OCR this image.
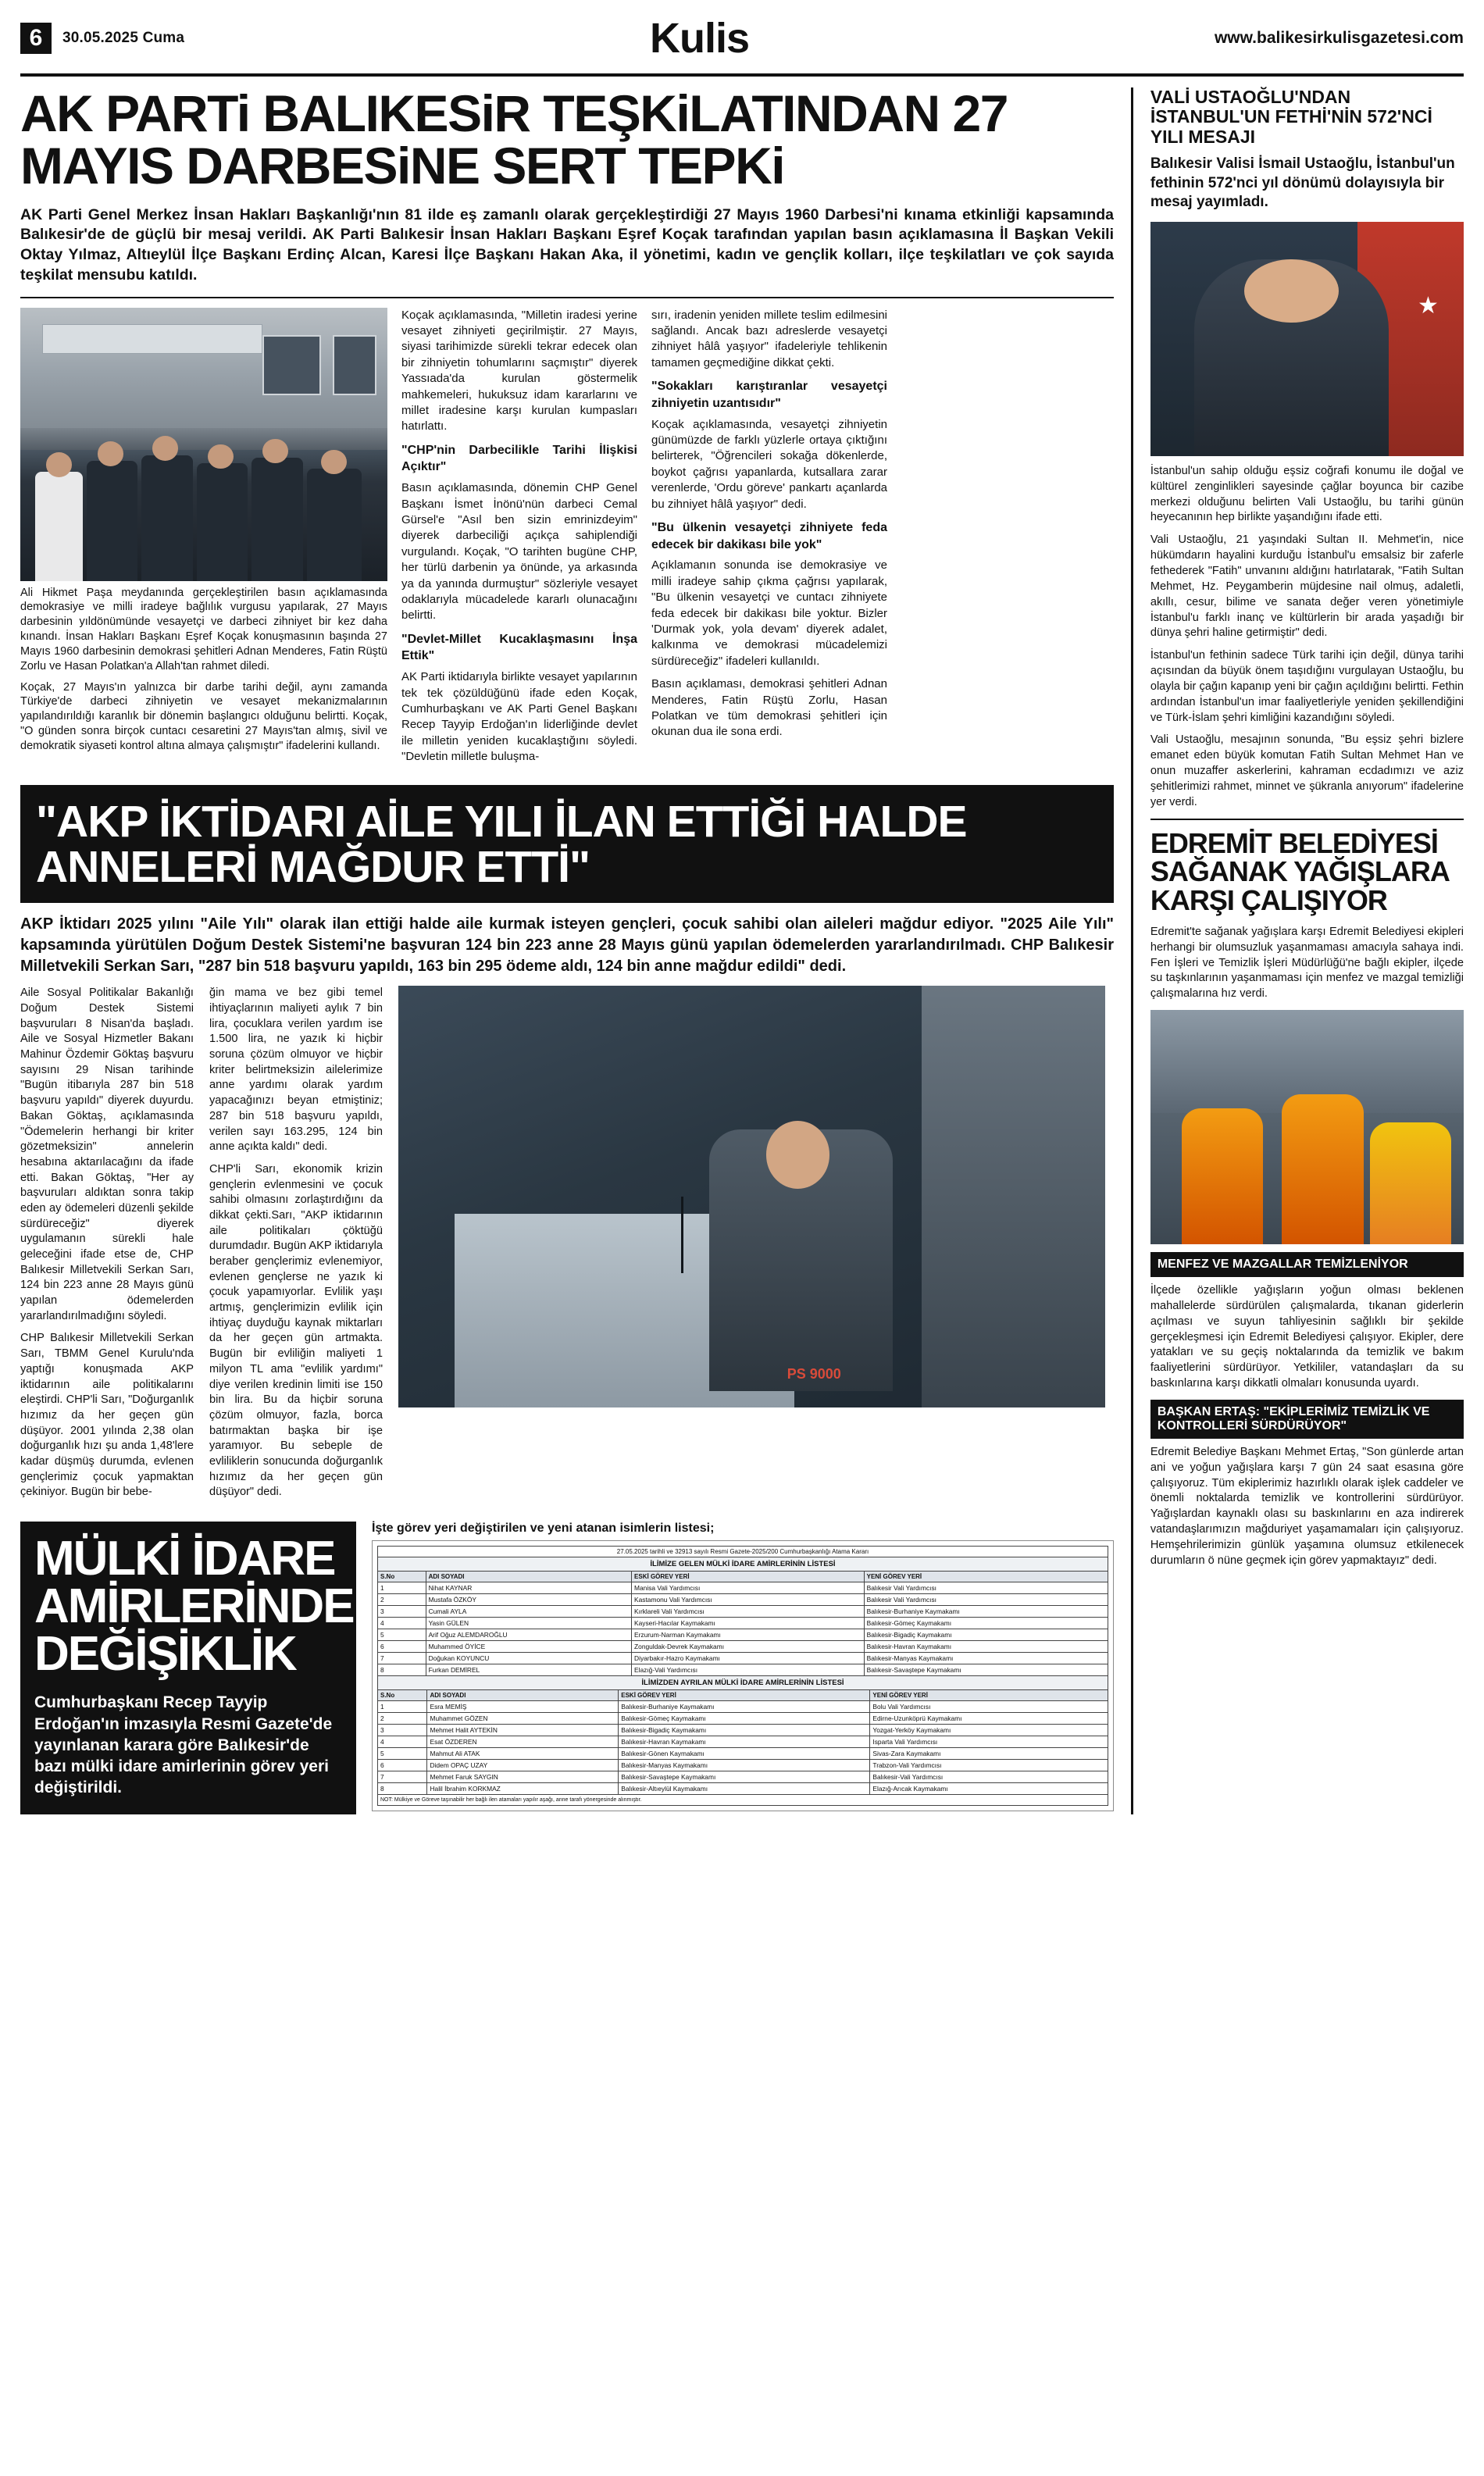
6	30.05.2025 Cuma	Kulis	www.balikesirkulisgazetesi.com
AK PARTi BALIKESiR TEŞKiLATINDAN 27 MAYIS DARBESiNE SERT TEPKi
AK Parti Genel Merkez İnsan Hakları Başkanlığı'nın 81 ilde eş zamanlı olarak gerçekleştirdiği 27 Mayıs 1960 Darbesi'ni kınama etkinliği kapsamında Balıkesir'de de güçlü bir mesaj verildi. AK Parti Balıkesir İnsan Hakları Başkanı Eşref Koçak tarafından yapılan basın açıklamasına İl Başkan Vekili Oktay Yılmaz, Altıeylül İlçe Başkanı Erdinç Alcan, Karesi İlçe Başkanı Hakan Aka, il yönetimi, kadın ve gençlik kolları, ilçe teşkilatları ve çok sayıda teşkilat mensubu katıldı.
Ali Hikmet Paşa meydanında gerçekleştirilen basın açıklamasında demokrasiye ve milli iradeye bağlılık vurgusu yapılarak, 27 Mayıs darbesinin yıldönümünde vesayetçi ve darbeci zihniyet bir kez daha kınandı. İnsan Hakları Başkanı Eşref Koçak konuşmasının başında 27 Mayıs 1960 darbesinin demokrasi şehitleri Adnan Menderes, Fatin Rüştü Zorlu ve Hasan Polatkan'a Allah'tan rahmet diledi.
Koçak, 27 Mayıs'ın yalnızca bir darbe tarihi değil, aynı zamanda Türkiye'de darbeci zihniyetin ve vesayet mekanizmalarının yapılandırıldığı karanlık bir dönemin başlangıcı olduğunu belirtti. Koçak, "O günden sonra birçok cuntacı cesaretini 27 Mayıs'tan almış, sivil ve demokratik siyaseti kontrol altına almaya çalışmıştır" ifadelerini kullandı.

Koçak açıklamasında, "Milletin iradesi yerine vesayet zihniyeti geçirilmiştir. 27 Mayıs, siyasi tarihimizde sürekli tekrar edecek olan bir zihniyetin tohumlarını saçmıştır" diyerek Yassıada'da kurulan göstermelik mahkemeleri, hukuksuz idam kararlarını ve millet iradesine karşı kurulan kumpasları hatırlattı.

"CHP'nin Darbecilikle Tarihi İlişkisi Açıktır"

Basın açıklamasında, dönemin CHP Genel Başkanı İsmet İnönü'nün darbeci Cemal Gürsel'e "Asıl ben sizin emrinizdeyim" diyerek darbeciliği açıkça sahiplendiği vurgulandı. Koçak, "O tarihten bugüne CHP, her türlü darbenin ya önünde, ya arkasında ya da yanında durmuştur" sözleriyle vesayet odaklarıyla mücadelede kararlı olunacağını belirtti.

"Devlet-Millet Kucaklaşmasını İnşa Ettik"

AK Parti iktidarıyla birlikte vesayet yapılarının tek tek çözüldüğünü ifade eden Koçak, Cumhurbaşkanı ve AK Parti Genel Başkanı Recep Tayyip Erdoğan'ın liderliğinde devlet ile milletin yeniden kucaklaştığını söyledi. "Devletin milletle buluşma-

sırı, iradenin yeniden millete teslim edilmesini sağlandı. Ancak bazı adreslerde vesayetçi zihniyet hâlâ yaşıyor" ifadeleriyle tehlikenin tamamen geçmediğine dikkat çekti.

"Sokakları karıştıranlar vesayetçi zihniyetin uzantısıdır"

Koçak açıklamasında, vesayetçi zihniyetin günümüzde de farklı yüzlerle ortaya çıktığını belirterek, "Öğrencileri sokağa dökenlerde, boykot çağrısı yapanlarda, kutsallara zarar verenlerde, 'Ordu göreve' pankartı açanlarda bu zihniyet hâlâ yaşıyor" dedi.

"Bu ülkenin vesayetçi zihniyete feda edecek bir dakikası bile yok"

Açıklamanın sonunda ise demokrasiye ve milli iradeye sahip çıkma çağrısı yapılarak, "Bu ülkenin vesayetçi ve cuntacı zihniyete feda edecek bir dakikası bile yoktur. Bizler 'Durmak yok, yola devam' diyerek adalet, kalkınma ve demokrasi mücadelemizi sürdüreceğiz" ifadeleri kullanıldı.

Basın açıklaması, demokrasi şehitleri Adnan Menderes, Fatin Rüştü Zorlu, Hasan Polatkan ve tüm demokrasi şehitleri için okunan dua ile sona erdi.

"AKP İKTİDARI AİLE YILI İLAN ETTİĞİ HALDE ANNELERİ MAĞDUR ETTİ"
AKP İktidarı 2025 yılını "Aile Yılı" olarak ilan ettiği halde aile kurmak isteyen gençleri, çocuk sahibi olan aileleri mağdur ediyor. "2025 Aile Yılı" kapsamında yürütülen Doğum Destek Sistemi'ne başvuran 124 bin 223 anne 28 Mayıs günü yapılan ödemelerden yararlandırılmadı. CHP Balıkesir Milletvekili Serkan Sarı, "287 bin 518 başvuru yapıldı, 163 bin 295 ödeme aldı, 124 bin anne mağdur edildi" dedi.

Aile Sosyal Politikalar Bakanlığı Doğum Destek Sistemi başvuruları 8 Nisan'da başladı. Aile ve Sosyal Hizmetler Bakanı Mahinur Özdemir Göktaş başvuru sayısını 29 Nisan tarihinde "Bugün itibarıyla 287 bin 518 başvuru yapıldı" diyerek duyurdu. Bakan Göktaş, açıklamasında "Ödemelerin herhangi bir kriter gözetmeksizin" annelerin hesabına aktarılacağını da ifade etti. Bakan Göktaş, "Her ay başvuruları aldıktan sonra takip eden ay ödemeleri düzenli şekilde sürdüreceğiz" diyerek uygulamanın sürekli hale geleceğini ifade etse de, CHP Balıkesir Milletvekili Serkan Sarı, 124 bin 223 anne 28 Mayıs günü yapılan ödemelerden yararlandırılmadığını söyledi.

CHP Balıkesir Milletvekili Serkan Sarı, TBMM Genel Kurulu'nda yaptığı konuşmada AKP iktidarının aile politikalarını eleştirdi. CHP'li Sarı, "Doğurganlık hızımız da her geçen gün düşüyor. 2001 yılında 2,38 olan doğurganlık hızı şu anda 1,48'lere kadar düşmüş durumda, evlenen gençlerimiz çocuk yapmaktan çekiniyor. Bugün bir bebe-

ğin mama ve bez gibi temel ihtiyaçlarının maliyeti aylık 7 bin lira, çocuklara verilen yardım ise 1.500 lira, ne yazık ki hiçbir soruna çözüm olmuyor ve hiçbir kriter belirtmeksizin ailelerimize anne yardımı olarak yardım yapacağınızı beyan etmiştiniz; 287 bin 518 başvuru yapıldı, verilen sayı 163.295, 124 bin anne açıkta kaldı" dedi.

CHP'li Sarı, ekonomik krizin gençlerin evlenmesini ve çocuk sahibi olmasını zorlaştırdığını da dikkat çekti.Sarı, "AKP iktidarının aile politikaları çöktüğü durumdadır. Bugün AKP iktidarıyla beraber gençlerimiz evlenemiyor, evlenen gençlerse ne yazık ki çocuk yapamıyorlar. Evlilik yaşı artmış, gençlerimizin evlilik için ihtiyaç duyduğu kaynak miktarları da her geçen gün artmakta. Bugün bir evliliğin maliyeti 1 milyon TL ama "evlilik yardımı" diye verilen kredinin limiti ise 150 bin lira. Bu da hiçbir soruna çözüm olmuyor, fazla, borca batırmaktan başka bir işe yaramıyor. Bu sebeple de evliliklerin sonucunda doğurganlık hızımız da her geçen gün düşüyor" dedi.

PS 9000
MÜLKİ İDARE AMİRLERİNDE DEĞİŞİKLİK

Cumhurbaşkanı Recep Tayyip Erdoğan'ın imzasıyla Resmi Gazete'de yayınlanan karara göre Balıkesir'de bazı mülki idare amirlerinin görev yeri değiştirildi.

İşte görev yeri değiştirilen ve yeni atanan isimlerin listesi;
27.05.2025 tarihli ve 32913 sayılı Resmi Gazete-2025/200 Cumhurbaşkanlığı Atama Kararı
İLİMİZE GELEN MÜLKİ İDARE AMİRLERİNİN LİSTESİ
S.No	ADI SOYADI	ESKİ GÖREV YERİ	YENİ GÖREV YERİ
1	Nihat KAYNAR	Manisa Vali Yardımcısı	Balıkesir Vali Yardımcısı
2	Mustafa ÖZKÖY	Kastamonu Vali Yardımcısı	Balıkesir Vali Yardımcısı
3	Cumali AYLA	Kırklareli Vali Yardımcısı	Balıkesir-Burhaniye Kaymakamı
4	Yasin GÜLEN	Kayseri-Hacılar Kaymakamı	Balıkesir-Gömeç Kaymakamı
5	Arif Oğuz ALEMDAROĞLU	Erzurum-Narman Kaymakamı	Balıkesir-Bigadiç Kaymakamı
6	Muhammed ÖYİCE	Zonguldak-Devrek Kaymakamı	Balıkesir-Havran Kaymakamı
7	Doğukan KOYUNCU	Diyarbakır-Hazro Kaymakamı	Balıkesir-Manyas Kaymakamı
8	Furkan DEMİREL	Elazığ-Vali Yardımcısı	Balıkesir-Savaştepe Kaymakamı
İLİMİZDEN AYRILAN MÜLKİ İDARE AMİRLERİNİN LİSTESİ
S.No	ADI SOYADI	ESKİ GÖREV YERİ	YENİ GÖREV YERİ
1	Esra MEMİŞ	Balıkesir-Burhaniye Kaymakamı	Bolu Vali Yardımcısı
2	Muhammet GÖZEN	Balıkesir-Gömeç Kaymakamı	Edirne-Uzunköprü Kaymakamı
3	Mehmet Halit AYTEKİN	Balıkesir-Bigadiç Kaymakamı	Yozgat-Yerköy Kaymakamı
4	Esat ÖZDEREN	Balıkesir-Havran Kaymakamı	Isparta Vali Yardımcısı
5	Mahmut Ali ATAK	Balıkesir-Gönen Kaymakamı	Sivas-Zara Kaymakamı
6	Didem OPAÇ UZAY	Balıkesir-Manyas Kaymakamı	Trabzon-Vali Yardımcısı
7	Mehmet Faruk SAYGIN	Balıkesir-Savaştepe Kaymakamı	Balıkesir-Vali Yardımcısı
8	Halil İbrahim KORKMAZ	Balıkesir-Altıeylül Kaymakamı	Elazığ-Arıcak Kaymakamı
NOT: Mülkiye ve Göreve taşınabilir her bağlı ilen atamaları yapılır aşağı, anne tarafı yönergesinde alınmıştır.
VALİ USTAOĞLU'NDAN İSTANBUL'UN FETHİ'NİN 572'NCİ YILI MESAJI
Balıkesir Valisi İsmail Ustaoğlu, İstanbul'un fethinin 572'nci yıl dönümü dolayısıyla bir mesaj yayımladı.
★

İstanbul'un sahip olduğu eşsiz coğrafi konumu ile doğal ve kültürel zenginlikleri sayesinde çağlar boyunca bir cazibe merkezi olduğunu belirten Vali Ustaoğlu, bu tarihi günün heyecanının hep birlikte yaşandığını ifade etti.

Vali Ustaoğlu, 21 yaşındaki Sultan II. Mehmet'in, nice hükümdarın hayalini kurduğu İstanbul'u emsalsiz bir zaferle fethederek "Fatih" unvanını aldığını hatırlatarak, "Fatih Sultan Mehmet, Hz. Peygamberin müjdesine nail olmuş, adaletli, akıllı, cesur, bilime ve sanata değer veren yönetimiyle İstanbul'u farklı inanç ve kültürlerin bir arada yaşadığı bir dünya şehri haline getirmiştir" dedi.

İstanbul'un fethinin sadece Türk tarihi için değil, dünya tarihi açısından da büyük önem taşıdığını vurgulayan Ustaoğlu, bu olayla bir çağın kapanıp yeni bir çağın açıldığını belirtti. Fethin ardından İstanbul'un imar faaliyetleriyle yeniden şekillendiğini ve Türk-İslam şehri kimliğini kazandığını söyledi.

Vali Ustaoğlu, mesajının sonunda, "Bu eşsiz şehri bizlere emanet eden büyük komutan Fatih Sultan Mehmet Han ve onun muzaffer askerlerini, kahraman ecdadımızı ve aziz şehitlerimizi rahmet, minnet ve şükranla anıyorum" ifadelerine yer verdi.

EDREMİT BELEDİYESİ SAĞANAK YAĞIŞLARA KARŞI ÇALIŞIYOR

Edremit'te sağanak yağışlara karşı Edremit Belediyesi ekipleri herhangi bir olumsuzluk yaşanmaması amacıyla sahaya indi. Fen İşleri ve Temizlik İşleri Müdürlüğü'ne bağlı ekipler, ilçede su taşkınlarının yaşanmaması için menfez ve mazgal temizliği çalışmalarına hız verdi.

MENFEZ VE MAZGALLAR TEMİZLENİYOR

İlçede özellikle yağışların yoğun olması beklenen mahallelerde sürdürülen çalışmalarda, tıkanan giderlerin açılması ve suyun tahliyesinin sağlıklı bir şekilde gerçekleşmesi için Edremit Belediyesi çalışıyor. Ekipler, dere yatakları ve su geçiş noktalarında da temizlik ve bakım faaliyetlerini sürdürüyor. Yetkililer, vatandaşları da su baskınlarına karşı dikkatli olmaları konusunda uyardı.

BAŞKAN ERTAŞ: "EKİPLERİMİZ TEMİZLİK VE KONTROLLERİ SÜRDÜRÜYOR"

Edremit Belediye Başkanı Mehmet Ertaş, "Son günlerde artan ani ve yoğun yağışlara karşı 7 gün 24 saat esasına göre çalışıyoruz. Tüm ekiplerimiz hazırlıklı olarak işlek caddeler ve önemli noktalarda temizlik ve kontrollerini sürdürüyor. Yağışlardan kaynaklı olası su baskınlarını en aza indirerek vatandaşlarımızın mağduriyet yaşamamaları için çalışıyoruz. Hemşehrilerimizin günlük yaşamına olumsuz etkilenecek durumların ö nüne geçmek için görev yapmaktayız" dedi.
